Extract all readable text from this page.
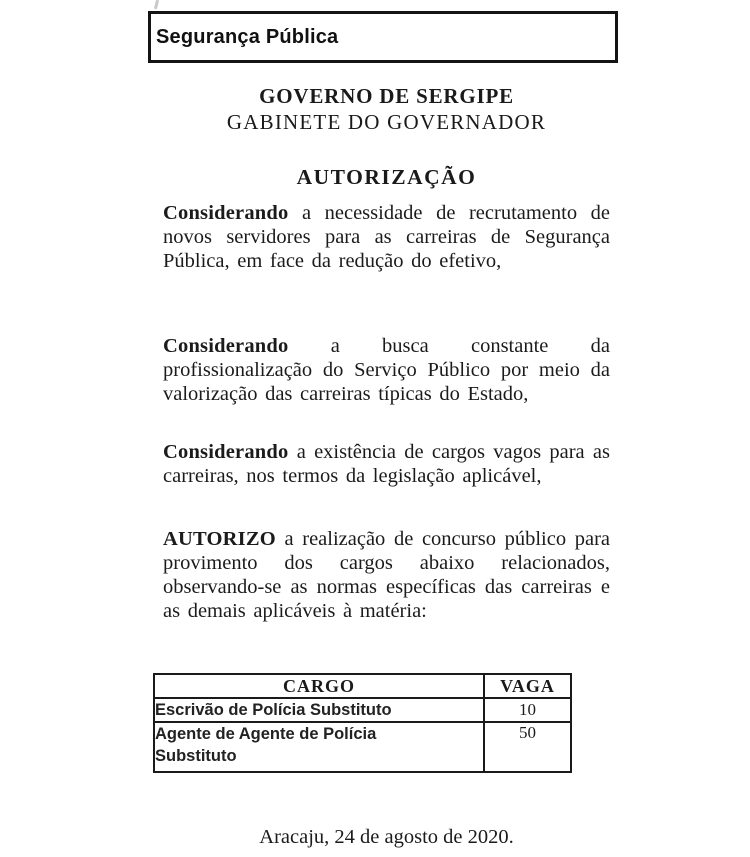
Segurança Pública
GOVERNO DE SERGIPE
GABINETE DO GOVERNADOR
AUTORIZAÇÃO

Considerando a necessidade de recrutamento de novos servidores para as carreiras de Segurança Pública, em face da redução do efetivo,

Considerando a busca constante da profissionalização do Serviço Público por meio da valorização das carreiras típicas do Estado,

Considerando a existência de cargos vagos para as carreiras, nos termos da legislação aplicável,

AUTORIZO a realização de concurso público para provimento dos cargos abaixo relacionados, observando-se as normas específicas das carreiras e as demais aplicáveis à matéria:

CARGO	VAGA

Escrivão de Polícia Substituto	10

Agente de Agente de Polícia Substituto	50
Aracaju, 24 de agosto de 2020.
